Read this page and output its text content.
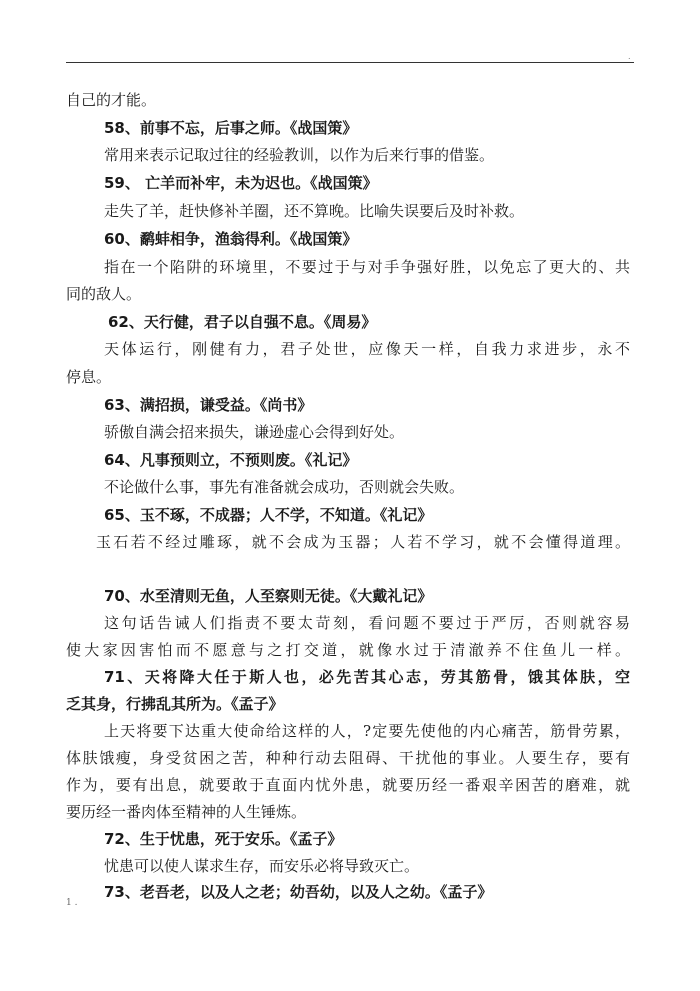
.
自己的才能。
58、前事不忘，后事之师。《战国策》
常用来表示记取过往的经验教训，以作为后来行事的借鉴。
59、 亡羊而补牢，未为迟也。《战国策》
走失了羊，赶快修补羊圈，还不算晚。比喻失误要后及时补救。
60、鹬蚌相争，渔翁得利。《战国策》
指在一个陷阱的环境里，不要过于与对手争强好胜，以免忘了更大的、共
同的敌人。
62、天行健，君子以自强不息。《周易》
天体运行，刚健有力，君子处世，应像天一样，自我力求进步，永不
停息。
63、满招损，谦受益。《尚书》
骄傲自满会招来损失，谦逊虚心会得到好处。
64、凡事预则立，不预则废。《礼记》
不论做什么事，事先有准备就会成功，否则就会失败。
65、玉不琢，不成器；人不学，不知道。《礼记》
玉石若不经过雕琢，就不会成为玉器；人若不学习，就不会懂得道理。
70、水至清则无鱼，人至察则无徒。《大戴礼记》
这句话告诫人们指责不要太苛刻，看问题不要过于严厉，否则就容易
使大家因害怕而不愿意与之打交道，就像水过于清澈养不住鱼儿一样。
71、天将降大任于斯人也，必先苦其心志，劳其筋骨，饿其体肤，空
乏其身，行拂乱其所为。《孟子》
上天将要下达重大使命给这样的人，?定要先使他的内心痛苦，筋骨劳累，
体肤饿瘦，身受贫困之苦，种种行动去阻碍、干扰他的事业。人要生存，要有
作为，要有出息，就要敢于直面内忧外患，就要历经一番艰辛困苦的磨难，就
要历经一番肉体至精神的人生锤炼。
72、生于忧患，死于安乐。《孟子》
忧患可以使人谋求生存，而安乐必将导致灭亡。
73、老吾老，以及人之老；幼吾幼，以及人之幼。《孟子》
1 .
